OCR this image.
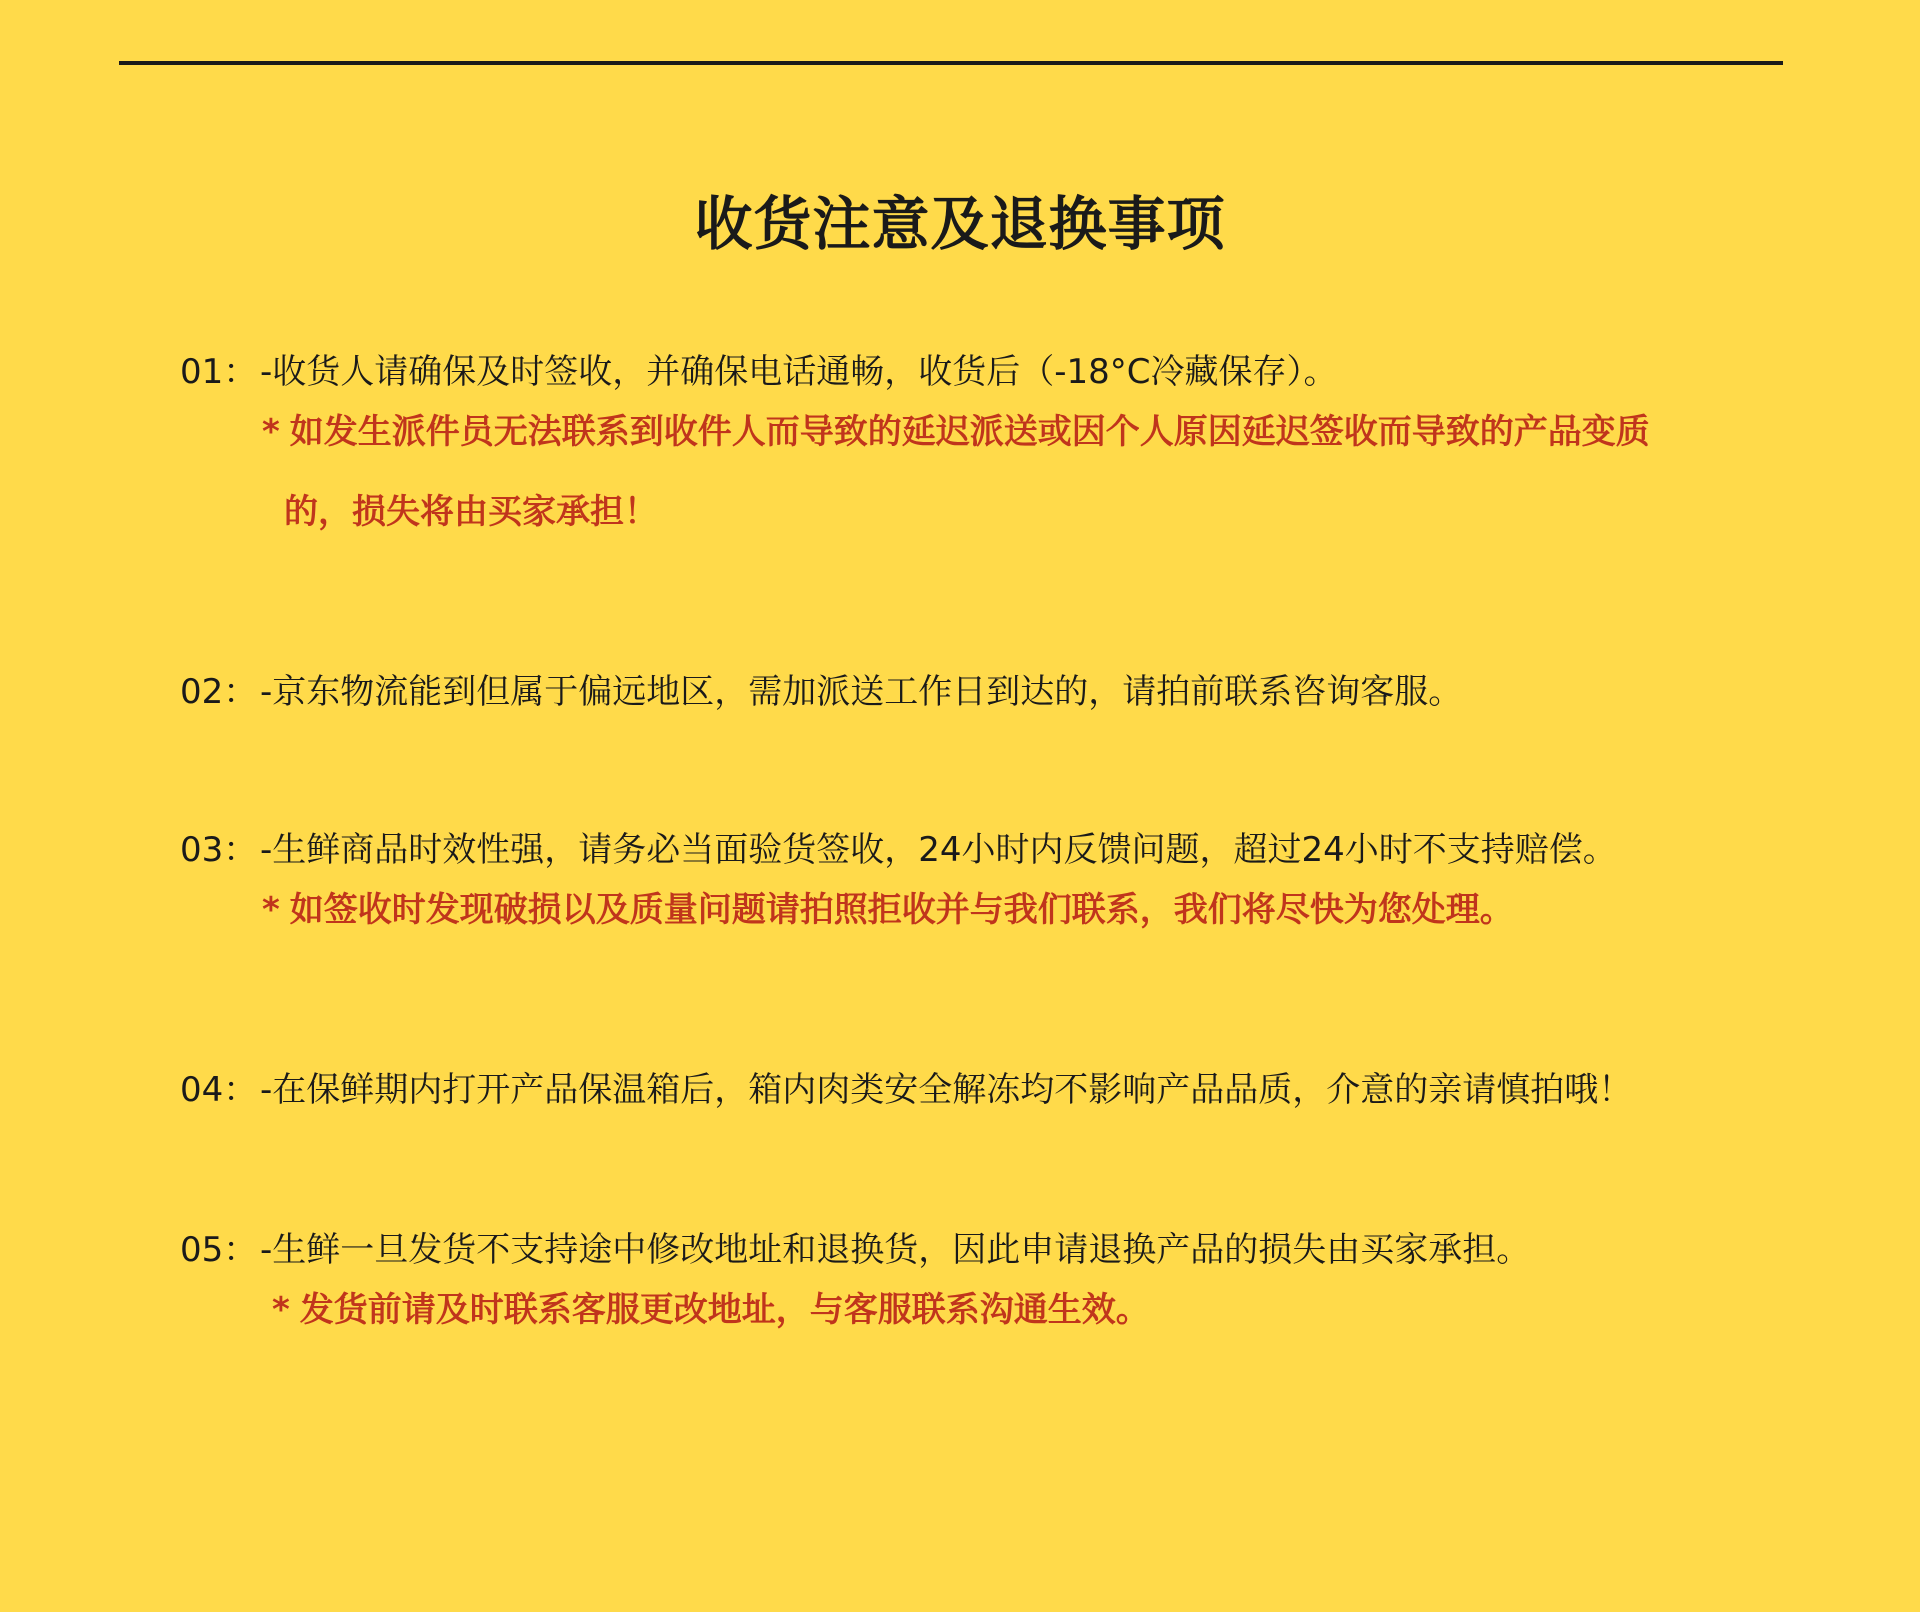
收货注意及退换事项
01：-收货人请确保及时签收，并确保电话通畅，收货后（-18°C冷藏保存）。
* 如发生派件员无法联系到收件人而导致的延迟派送或因个人原因延迟签收而导致的产品变质
的，损失将由买家承担！
02：-京东物流能到但属于偏远地区，需加派送工作日到达的，请拍前联系咨询客服。
03：-生鲜商品时效性强，请务必当面验货签收，24小时内反馈问题，超过24小时不支持赔偿。
* 如签收时发现破损以及质量问题请拍照拒收并与我们联系，我们将尽快为您处理。
04：-在保鲜期内打开产品保温箱后，箱内肉类安全解冻均不影响产品品质，介意的亲请慎拍哦！
05：-生鲜一旦发货不支持途中修改地址和退换货，因此申请退换产品的损失由买家承担。
* 发货前请及时联系客服更改地址，与客服联系沟通生效。
